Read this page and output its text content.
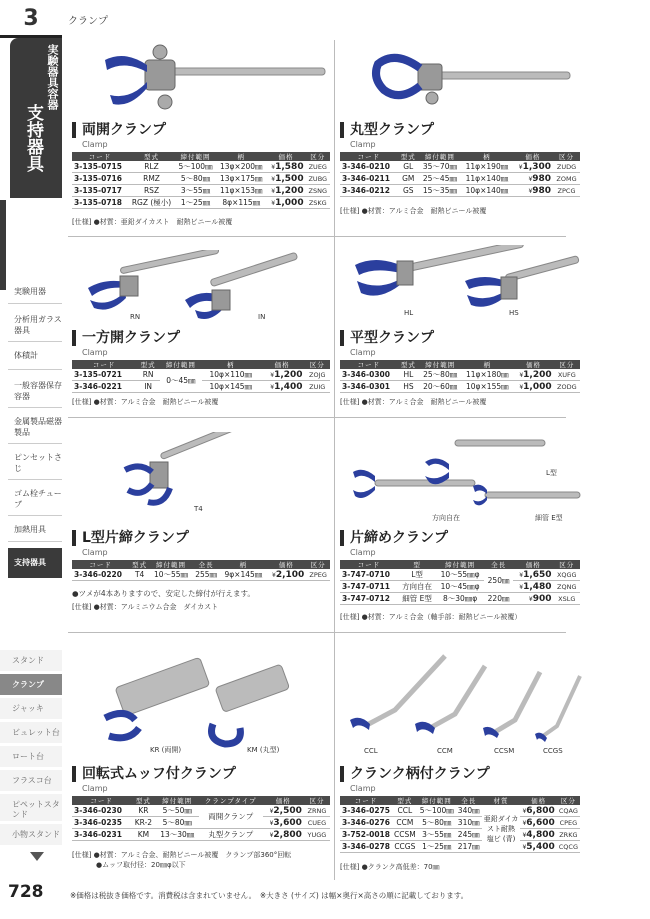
3
実験器具容器
支持器具
実験用器
分析用ガラス器具
体積計
一般容器保存容器
金属製品磁器製品
ピンセットさじ
ゴム栓チューブ
加熱用具
支持器具
スタンド
クランプ
ジャッキ
ビュレット台
ロート台
フラスコ台
ピペットスタンド
小物スタンド
728
クランプ
RN	IN	HL	HS
T4
L型
方向自在	細管 E型
KR (両開)	KM (丸型)	CCL	CCM	CCSM	CCGS
両開クランプ
Clamp
コード	型式	締付範囲	柄	価格	区分
3-135-0715	RLZ	5〜100㎜	13φ×200㎜	¥1,580	ZUEG
3-135-0716	RMZ	5〜80㎜	13φ×175㎜	¥1,500	ZUBG
3-135-0717	RSZ	3〜55㎜	11φ×153㎜	¥1,200	ZSNG
3-135-0718	RGZ (極小)	1〜25㎜	8φ×115㎜	¥1,000	ZSKG
[仕様] ●材質：亜鉛ダイカスト　耐熱ビニール被覆
丸型クランプ
Clamp
コード	型式	締付範囲	柄	価格	区分
3-346-0210	GL	35〜70㎜	11φ×190㎜	¥1,300	ZUDG
3-346-0211	GM	25〜45㎜	11φ×140㎜	¥980	ZOMG
3-346-0212	GS	15〜35㎜	10φ×140㎜	¥980	ZPCG
[仕様] ●材質：アルミ合金　耐熱ビニール被覆
一方開クランプ
Clamp
コード	型式	締付範囲	柄	価格	区分
3-135-0721	RN	0〜45㎜	10φ×110㎜	¥1,200	ZOJG
3-346-0221	IN		10φ×145㎜	¥1,400	ZUIG
[仕様] ●材質：アルミ合金　耐熱ビニール被覆
平型クランプ
Clamp
コード	型式	締付範囲	柄	価格	区分
3-346-0300	HL	25〜80㎜	11φ×180㎜	¥1,200	XUFG
3-346-0301	HS	20〜60㎜	10φ×155㎜	¥1,000	ZODG
[仕様] ●材質：アルミ合金　耐熱ビニール被覆
L型片締クランプ
Clamp
コード	型式	締付範囲	全長	柄	価格	区分
3-346-0220	T4	10〜55㎜	255㎜	9φ×145㎜	¥2,100	ZPEG
●ツメが4本ありますので、安定した締付が行えます。
[仕様] ●材質：アルミニウム合金　ダイカスト
片締めクランプ
Clamp
コード	型	締付範囲	全長	価格	区分
3-747-0710	L型	10〜55㎜φ	250㎜	¥1,650	XQGG
3-747-0711	方向自在	10〜45㎜φ		¥1,480	ZQNG
3-747-0712	細管 E型	8〜30㎜φ	220㎜	¥900	XSLG
[仕様] ●材質：アルミ合金（軸手部：耐熱ビニール被覆）
回転式ムッフ付クランプ
Clamp
コード	型式	締付範囲	クランプタイプ	価格	区分
3-346-0230	KR	5〜50㎜	両開クランプ	¥2,500	ZRNG
3-346-0235	KR-2	5〜80㎜		¥3,600	CUEG
3-346-0231	KM	13〜30㎜	丸型クランプ	¥2,800	YUGG
[仕様] ●材質：アルミ合金、耐熱ビニール被覆　クランプ部360°回転
●ムッフ取付径：20㎜φ以下
クランク柄付クランプ
Clamp
コード	型式	締付範囲	全長	材質	価格	区分
3-346-0275	CCL	5〜100㎜	340㎜	亜鉛ダイカスト耐熱塩ビ (青)	¥6,800	CQAG
3-346-0276	CCM	5〜80㎜	310㎜		¥6,600	CPEG
3-752-0018	CCSM	3〜55㎜	245㎜		¥4,800	ZRKG
3-346-0278	CCGS	1〜25㎜	217㎜		¥5,400	CQCG
[仕様] ●クランク高低差：70㎜
※価格は税抜き価格です。消費税は含まれていません。　※大きさ (サイズ) は幅×奥行×高さの順に記載しております。
